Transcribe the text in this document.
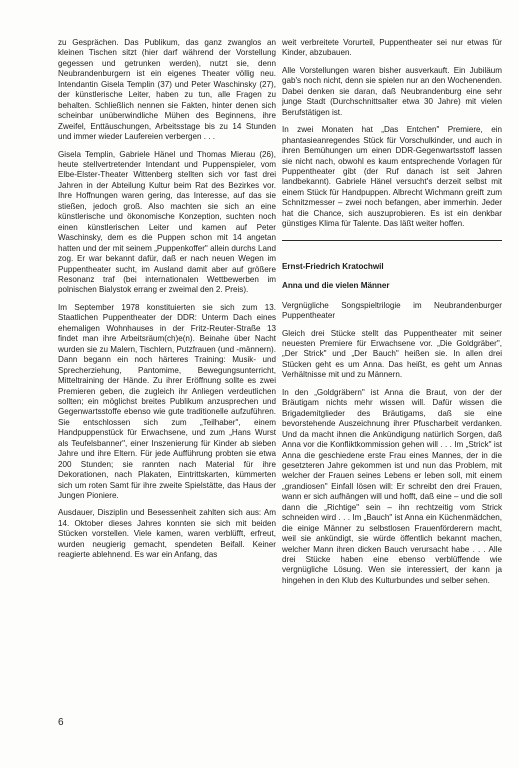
zu Gesprächen. Das Publikum, das ganz zwanglos an kleinen Tischen sitzt (hier darf während der Vorstellung gegessen und getrunken werden), nutzt sie, denn Neubrandenburgern ist ein eigenes Theater völlig neu. Intendantin Gisela Templin (37) und Peter Waschinsky (27), der künstlerische Leiter, haben zu tun, alle Fragen zu behalten. Schließlich nennen sie Fakten, hinter denen sich scheinbar unüberwindliche Mühen des Beginnens, ihre Zweifel, Enttäuschungen, Arbeitsstage bis zu 14 Stunden und immer wieder Laufereien verbergen . . .

Gisela Templin, Gabriele Hänel und Thomas Mierau (26), heute stellvertretender Intendant und Puppenspieler, vom Elbe-Elster-Theater Wittenberg stellten sich vor fast drei Jahren in der Abteilung Kultur beim Rat des Bezirkes vor. Ihre Hoffnungen waren gering, das Interesse, auf das sie stießen, jedoch groß. Also machten sie sich an eine künstlerische und ökonomische Konzeption, suchten noch einen künstlerischen Leiter und kamen auf Peter Waschinsky, dem es die Puppen schon mit 14 angetan hatten und der mit seinem „Puppenkoffer" allein durchs Land zog. Er war bekannt dafür, daß er nach neuen Wegen im Puppentheater sucht, im Ausland damit aber auf größere Resonanz traf (bei internationalen Wettbewerben im polnischen Bialystok errang er zweimal den 2. Preis).

Im September 1978 konstituierten sie sich zum 13. Staatlichen Puppentheater der DDR: Unterm Dach eines ehemaligen Wohnhauses in der Fritz-Reuter-Straße 13 findet man ihre Arbeitsräum(ch)e(n). Beinahe über Nacht wurden sie zu Malern, Tischlern, Putzfrauen (und -männern). Dann begann ein noch härteres Training: Musik- und Sprecherziehung, Pantomime, Bewegungsunterricht, Mitteltraining der Hände. Zu ihrer Eröffnung sollte es zwei Premieren geben, die zugleich ihr Anliegen verdeutlichen sollten; ein möglichst breites Publikum anzusprechen und Gegenwartsstoffe ebenso wie gute traditionelle aufzuführen. Sie entschlossen sich zum „Teilhaber", einem Handpuppenstück für Erwachsene, und zum „Hans Wurst als Teufelsbanner", einer Inszenierung für Kinder ab sieben Jahre und ihre Eltern. Für jede Aufführung probten sie etwa 200 Stunden; sie rannten nach Material für ihre Dekorationen, nach Plakaten, Eintrittskarten, kümmerten sich um roten Samt für ihre zweite Spielstätte, das Haus der Jungen Pioniere.

Ausdauer, Disziplin und Besessenheit zahlten sich aus: Am 14. Oktober dieses Jahres konnten sie sich mit beiden Stücken vorstellen. Viele kamen, waren verblüfft, erfreut, wurden neugierig gemacht, spendeten Beifall. Keiner reagierte ablehnend. Es war ein Anfang, das

weit verbreitete Vorurteil, Puppentheater sei nur etwas für Kinder, abzubauen.

Alle Vorstellungen waren bisher ausverkauft. Ein Jubiläum gab's noch nicht, denn sie spielen nur an den Wochenenden. Dabei denken sie daran, daß Neubrandenburg eine sehr junge Stadt (Durchschnittsalter etwa 30 Jahre) mit vielen Berufstätigen ist.

In zwei Monaten hat „Das Entchen" Premiere, ein phantasieanregendes Stück für Vorschulkinder, und auch in ihren Bemühungen um einen DDR-Gegenwartsstoff lassen sie nicht nach, obwohl es kaum entsprechende Vorlagen für Puppentheater gibt (der Ruf danach ist seit Jahren landbekannt). Gabriele Hänel versucht's derzeit selbst mit einem Stück für Handpuppen. Albrecht Wichmann greift zum Schnitzmesser – zwei noch befangen, aber immerhin. Jeder hat die Chance, sich auszuprobieren. Es ist ein denkbar günstiges Klima für Talente. Das läßt weiter hoffen.

Ernst-Friedrich Kratochwil
Anna und die vielen Männer

Vergnügliche Songspieltrilogie im Neubrandenburger Puppentheater

Gleich drei Stücke stellt das Puppentheater mit seiner neuesten Premiere für Erwachsene vor. „Die Goldgräber", „Der Strick" und „Der Bauch" heißen sie. In allen drei Stücken geht es um Anna. Das heißt, es geht um Annas Verhältnisse mit und zu Männern.

In den „Goldgräbern" ist Anna die Braut, von der der Bräutigam nichts mehr wissen will. Dafür wissen die Brigademitglieder des Bräutigams, daß sie eine bevorstehende Auszeichnung ihrer Pfuscharbeit verdanken. Und da macht ihnen die Ankündigung natürlich Sorgen, daß Anna vor die Konfliktkommission gehen will . . . Im „Strick" ist Anna die geschiedene erste Frau eines Mannes, der in die gesetzteren Jahre gekommen ist und nun das Problem, mit welcher der Frauen seines Lebens er leben soll, mit einem „grandiosen" Einfall lösen will: Er schreibt den drei Frauen, wann er sich aufhängen will und hofft, daß eine – und die soll dann die „Richtige" sein – ihn rechtzeitig vom Strick schneiden wird . . . Im „Bauch" ist Anna ein Küchenmädchen, die einige Männer zu selbstlosen Frauenförderern macht, weil sie ankündigt, sie würde öffentlich bekannt machen, welcher Mann ihren dicken Bauch verursacht habe . . . Alle drei Stücke haben eine ebenso verblüffende wie vergnügliche Lösung. Wen sie interessiert, der kann ja hingehen in den Klub des Kulturbundes und selber sehen.

6
